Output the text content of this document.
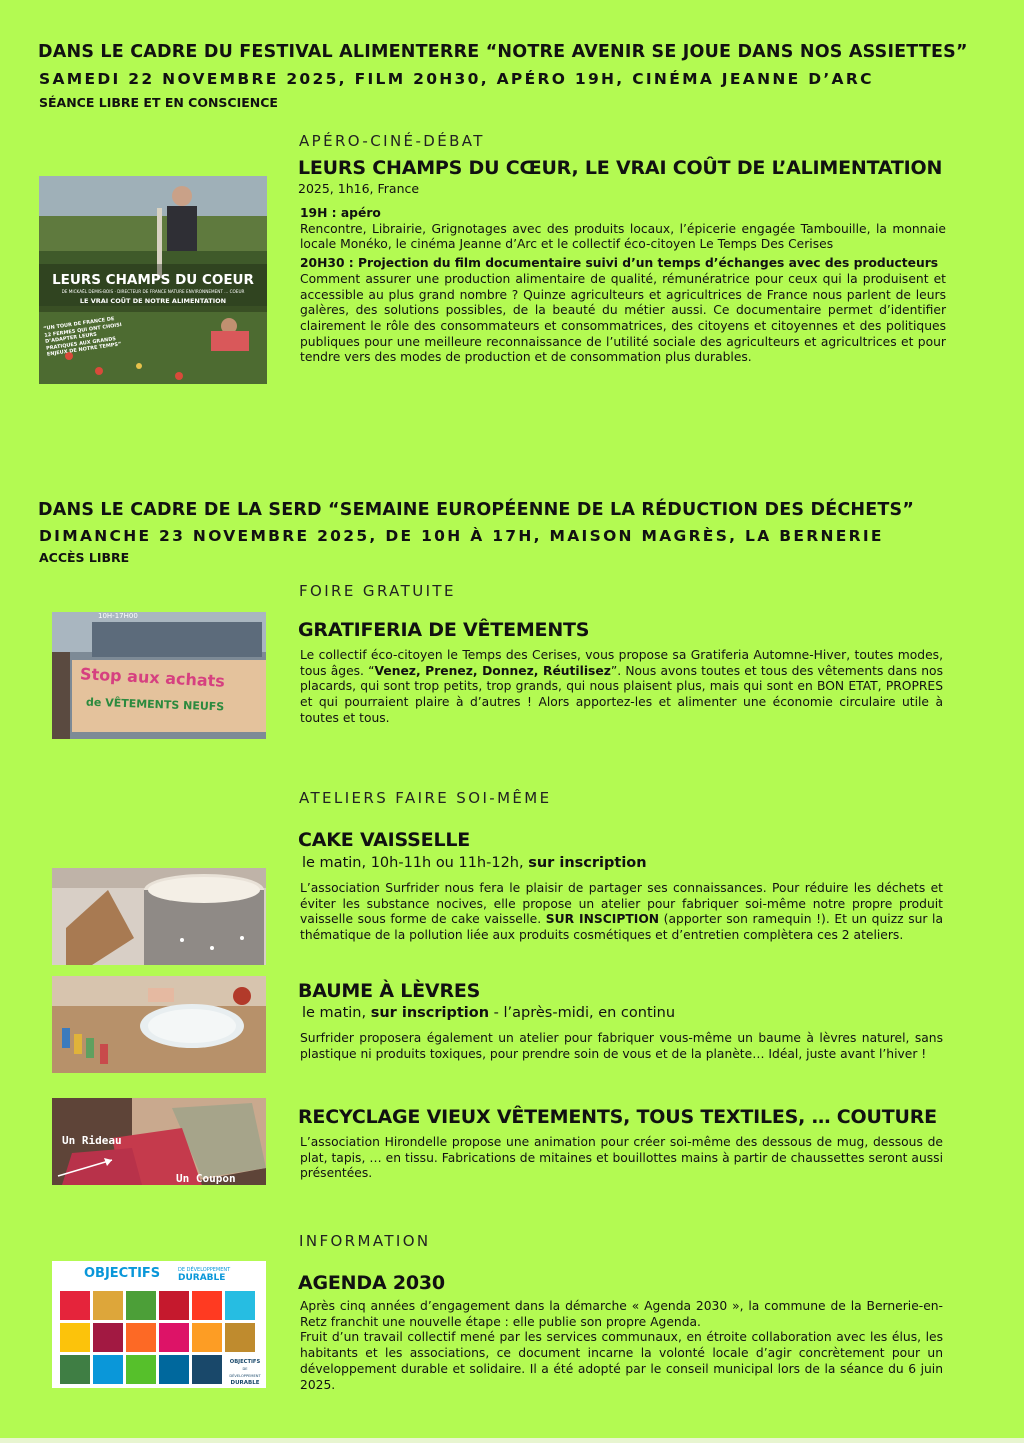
DANS LE CADRE DU FESTIVAL ALIMENTERRE “NOTRE AVENIR SE JOUE DANS NOS ASSIETTES”
SAMEDI 22 NOVEMBRE 2025, FILM 20H30, APÉRO 19H, CINÉMA JEANNE D’ARC
SÉANCE LIBRE ET EN CONSCIENCE
LEURS CHAMPS DU COEUR
DE MICKAËL DEMIS-BOIS · DIRECTEUR DE FRANCE NATURE ENVIRONNEMENT ... COEUR
LE VRAI COÛT DE NOTRE ALIMENTATION
“UN TOUR DE FRANCE DE 12 FERMES QUI ONT CHOISI D’ADAPTER LEURS PRATIQUES AUX GRANDS ENJEUX DE NOTRE TEMPS”
APÉRO-CINÉ-DÉBAT
LEURS CHAMPS DU CŒUR, LE VRAI COÛT DE L’ALIMENTATION
2025, 1h16, France

19H : apéro

Rencontre, Librairie, Grignotages avec des produits locaux, l’épicerie engagée Tambouille, la monnaie locale Monéko, le cinéma Jeanne d’Arc et le collectif éco-citoyen Le Temps Des Cerises

20H30 : Projection du film documentaire suivi d’un temps d’échanges avec des producteurs

Comment assurer une production alimentaire de qualité, rémunératrice pour ceux qui la produisent et accessible au plus grand nombre ? Quinze agriculteurs et agricultrices de France nous parlent de leurs galères, des solutions possibles, de la beauté du métier aussi. Ce documentaire permet d’identifier clairement le rôle des consommateurs et consommatrices, des citoyens et citoyennes et des politiques publiques pour une meilleure reconnaissance de l’utilité sociale des agriculteurs et agricultrices et pour tendre vers des modes de production et de consommation plus durables.

DANS LE CADRE DE LA SERD “SEMAINE EUROPÉENNE DE LA RÉDUCTION DES DÉCHETS”
DIMANCHE 23 NOVEMBRE 2025, DE 10H À 17H, MAISON MAGRÈS, LA BERNERIE
ACCÈS LIBRE
FOIRE GRATUITE
10H-17H00
Stop aux achats
de VÊTEMENTS NEUFS
GRATIFERIA DE VÊTEMENTS

Le collectif éco-citoyen le Temps des Cerises, vous propose sa Gratiferia Automne-Hiver, toutes modes, tous âges. “Venez, Prenez, Donnez, Réutilisez”. Nous avons toutes et tous des vêtements dans nos placards, qui sont trop petits, trop grands, qui nous plaisent plus, mais qui sont en BON ETAT, PROPRES et qui pourraient plaire à d’autres ! Alors apportez-les et alimenter une économie circulaire utile à toutes et tous.

ATELIERS FAIRE SOI-MÊME
CAKE VAISSELLE
le matin, 10h-11h ou 11h-12h, sur inscription

L’association Surfrider nous fera le plaisir de partager ses connaissances. Pour réduire les déchets et éviter les substance nocives, elle propose un atelier pour fabriquer soi-même notre propre produit vaisselle sous forme de cake vaisselle. SUR INSCIPTION (apporter son ramequin !). Et un quizz sur la thématique de la pollution liée aux produits cosmétiques et d’entretien complètera ces 2 ateliers.

BAUME À LÈVRES
le matin, sur inscription - l’après-midi, en continu

Surfrider proposera également un atelier pour fabriquer vous-même un baume à lèvres naturel, sans plastique ni produits toxiques, pour prendre soin de vous et de la planète… Idéal, juste avant l’hiver !

Un Rideau
Un Coupon
RECYCLAGE VIEUX VÊTEMENTS, TOUS TEXTILES, … COUTURE

L’association Hirondelle propose une animation pour créer soi-même des dessous de mug, dessous de plat, tapis, … en tissu. Fabrications de mitaines et bouillottes mains à partir de chaussettes seront aussi présentées.

INFORMATION
OBJECTIFS	DE DÉVELOPPEMENT
DURABLE
OBJECTIFS
DE DÉVELOPPEMENT
DURABLE
AGENDA 2030

Après cinq années d’engagement dans la démarche « Agenda 2030 », la commune de la Bernerie-en-Retz franchit une nouvelle étape : elle publie son propre Agenda.

Fruit d’un travail collectif mené par les services communaux, en étroite collaboration avec les élus, les habitants et les associations, ce document incarne la volonté locale d’agir concrètement pour un développement durable et solidaire. Il a été adopté par le conseil municipal lors de la séance du 6 juin 2025.
